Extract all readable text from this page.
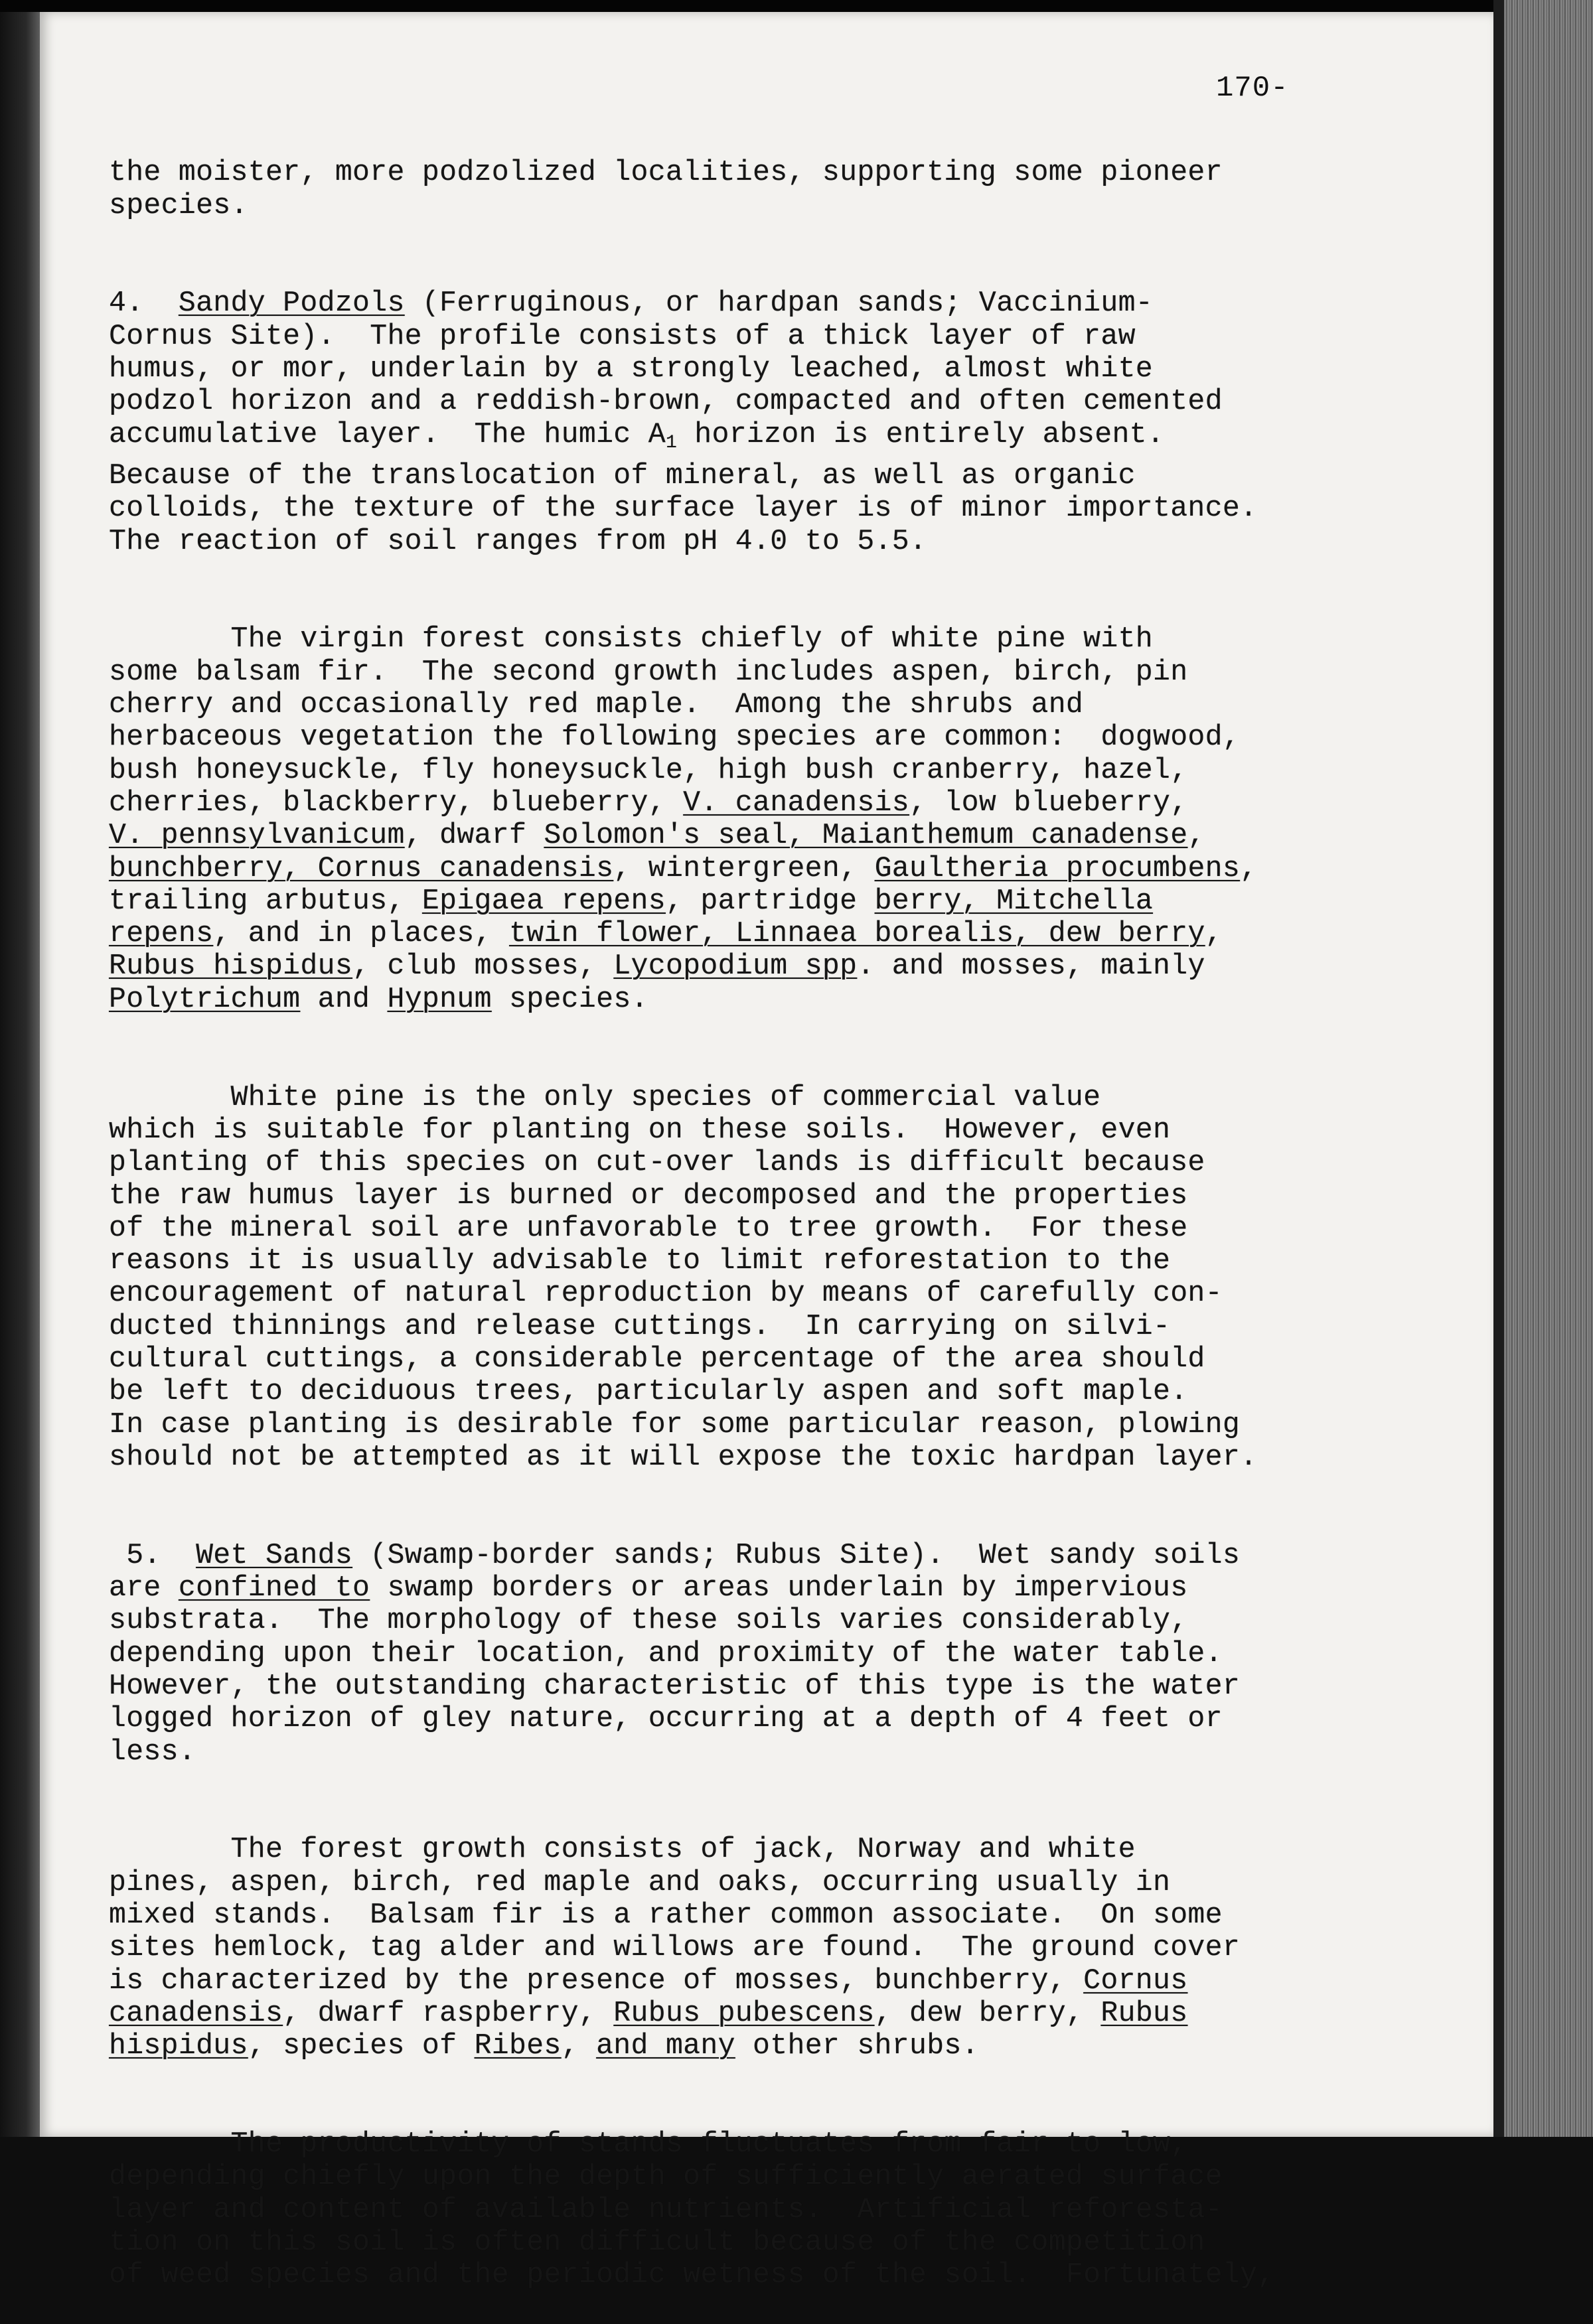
170-

the moister, more podzolized localities, supporting some pioneer
species.

4.  Sandy Podzols (Ferruginous, or hardpan sands; Vaccinium-
Cornus Site).  The profile consists of a thick layer of raw
humus, or mor, underlain by a strongly leached, almost white
podzol horizon and a reddish-brown, compacted and often cemented
accumulative layer.  The humic $A_1$ horizon is entirely absent.
Because of the translocation of mineral, as well as organic
colloids, the texture of the surface layer is of minor importance.
The reaction of soil ranges from pH 4.0 to 5.5.

The virgin forest consists chiefly of white pine with
some balsam fir.  The second growth includes aspen, birch, pin
cherry and occasionally red maple.  Among the shrubs and
herbaceous vegetation the following species are common:  dogwood,
bush honeysuckle, fly honeysuckle, high bush cranberry, hazel,
cherries, blackberry, blueberry, V. canadensis, low blueberry,
V. pennsylvanicum, dwarf Solomon's seal, Maianthemum canadense,
bunchberry, Cornus canadensis, wintergreen, Gaultheria procumbens,
trailing arbutus, Epigaea repens, partridge berry, Mitchella
repens, and in places, twin flower, Linnaea borealis, dew berry,
Rubus hispidus, club mosses, Lycopodium spp. and mosses, mainly
Polytrichum and Hypnum species.

White pine is the only species of commercial value
which is suitable for planting on these soils.  However, even
planting of this species on cut-over lands is difficult because
the raw humus layer is burned or decomposed and the properties
of the mineral soil are unfavorable to tree growth.  For these
reasons it is usually advisable to limit reforestation to the
encouragement of natural reproduction by means of carefully con-
ducted thinnings and release cuttings.  In carrying on silvi-
cultural cuttings, a considerable percentage of the area should
be left to deciduous trees, particularly aspen and soft maple.
In case planting is desirable for some particular reason, plowing
should not be attempted as it will expose the toxic hardpan layer.

5.  Wet Sands (Swamp-border sands; Rubus Site).  Wet sandy soils
are confined to swamp borders or areas underlain by impervious
substrata.  The morphology of these soils varies considerably,
depending upon their location, and proximity of the water table.
However, the outstanding characteristic of this type is the water
logged horizon of gley nature, occurring at a depth of 4 feet or
less.

The forest growth consists of jack, Norway and white
pines, aspen, birch, red maple and oaks, occurring usually in
mixed stands.  Balsam fir is a rather common associate.  On some
sites hemlock, tag alder and willows are found.  The ground cover
is characterized by the presence of mosses, bunchberry, Cornus
canadensis, dwarf raspberry, Rubus pubescens, dew berry, Rubus
hispidus, species of Ribes, and many other shrubs.

The productivity of stands fluctuates from fair to low,
depending chiefly upon the depth of sufficiently aerated surface
layer and content of available nutrients.  Artificial reforesta-
tion on this soil is often difficult because of the competition
of weed species and the periodic wetness of the soil.  Fortunately,
